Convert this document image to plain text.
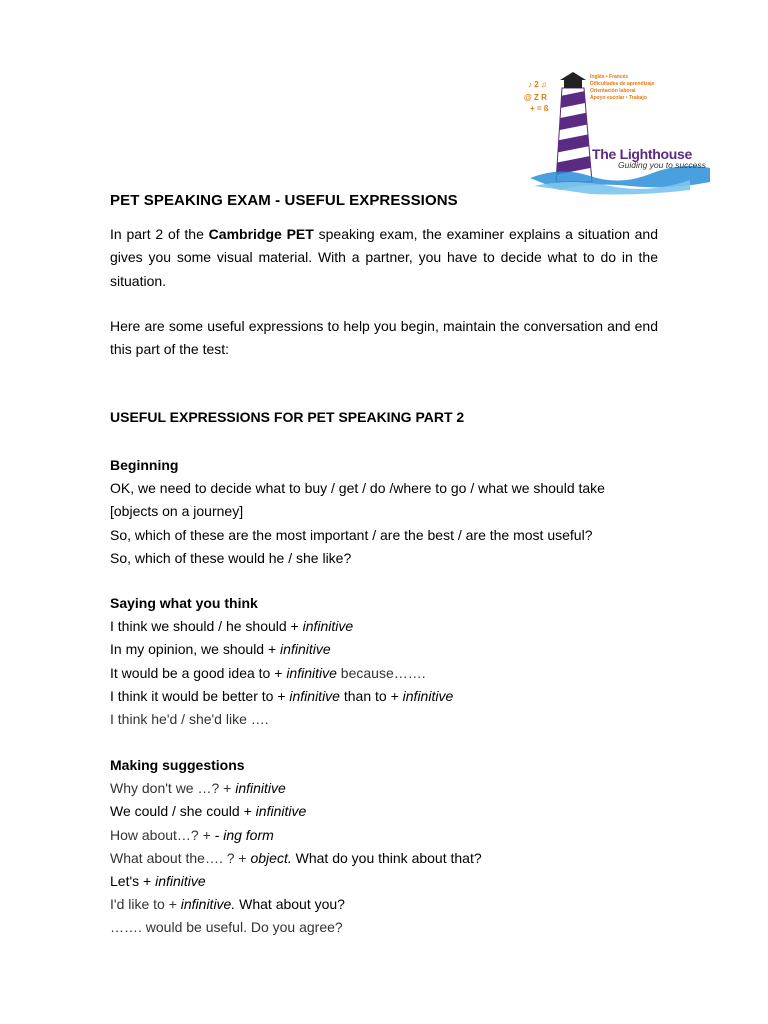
♪ 2 ♫
@ Z R
+ = ß
Inglés • Francés
Dificultades de aprendizaje
Orientación laboral
Apoyo escolar • Trabajo
The Lighthouse
Guiding you to success
PET SPEAKING EXAM - USEFUL EXPRESSIONS
In part 2 of the Cambridge PET speaking exam, the examiner explains a situation and gives you some visual material. With a partner, you have to decide what to do in the situation.
Here are some useful expressions to help you begin, maintain the conversation and end this part of the test:
USEFUL EXPRESSIONS FOR PET SPEAKING PART 2
Beginning
OK, we need to decide what to buy / get / do /where to go / what we should take
[objects on a journey]
So, which of these are the most important / are the best / are the most useful?
So, which of these would he / she like?
Saying what you think
I think we should / he should + infinitive
In my opinion, we should + infinitive
It would be a good idea to + infinitive because…….
I think it would be better to + infinitive than to + infinitive
I think he'd / she'd like ….
Making suggestions
Why don't we …? + infinitive
We could / she could + infinitive
How about…? + - ing form
What about the…. ? + object. What do you think about that?
Let's + infinitive
I'd like to + infinitive. What about you?
……. would be useful. Do you agree?
